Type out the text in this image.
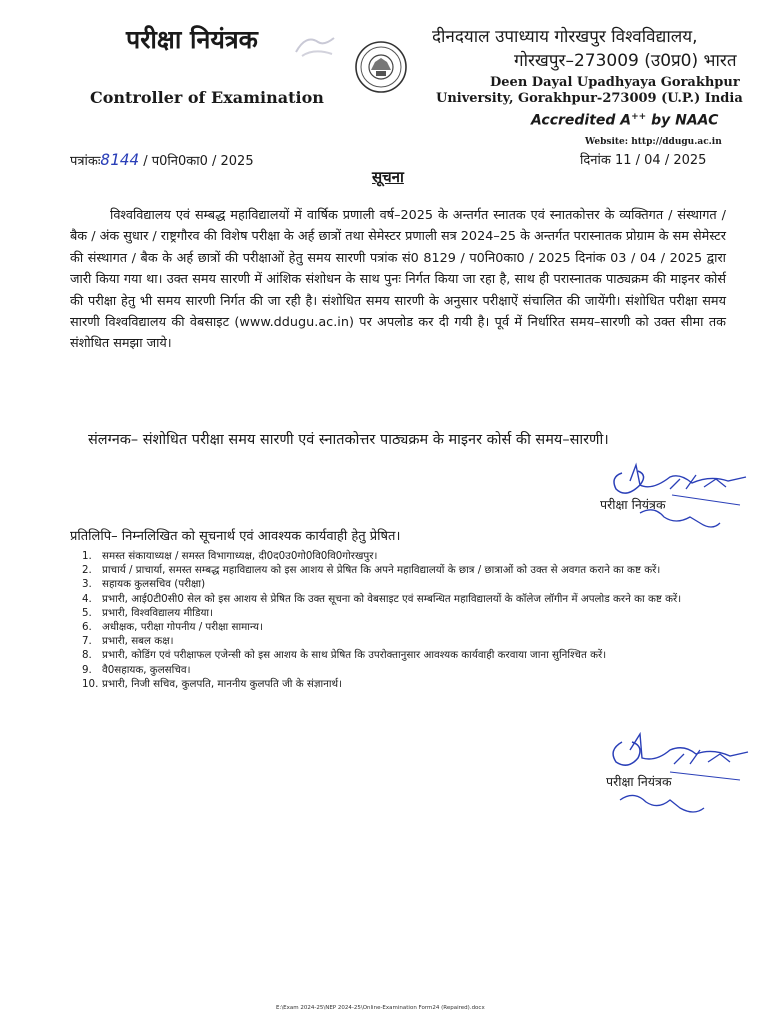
परीक्षा नियंत्रक
Controller of Examination
दीनदयाल उपाध्याय गोरखपुर विश्वविद्यालय,
गोरखपुर–273009 (उ0प्र0) भारत
Deen Dayal Upadhyaya Gorakhpur
University, Gorakhpur-273009 (U.P.) India
Accredited A++ by NAAC
Website: http://ddugu.ac.in
पत्रांकः8144 / प0नि0का0 / 2025	दिनांक 11 / 04 / 2025
सूचना
विश्वविद्यालय एवं सम्बद्ध महाविद्यालयों में वार्षिक प्रणाली वर्ष–2025 के अन्तर्गत स्नातक एवं स्नातकोत्तर के व्यक्तिगत / संस्थागत / बैक / अंक सुधार / राष्ट्रगौरव की विशेष परीक्षा के अर्ह छात्रों तथा सेमेस्टर प्रणाली सत्र 2024–25 के अन्तर्गत परास्नातक प्रोग्राम के सम सेमेस्टर की संस्थागत / बैक के अर्ह छात्रों की परीक्षाओं हेतु समय सारणी पत्रांक सं0 8129 / प0नि0का0 / 2025 दिनांक 03 / 04 / 2025 द्वारा जारी किया गया था। उक्त समय सारणी में आंशिक संशोधन के साथ पुनः निर्गत किया जा रहा है, साथ ही परास्नातक पाठ्यक्रम की माइनर कोर्स की परीक्षा हेतु भी समय सारणी निर्गत की जा रही है। संशोधित समय सारणी के अनुसार परीक्षाऐं संचालित की जायेंगी। संशोधित परीक्षा समय सारणी विश्वविद्यालय की वेबसाइट (www.ddugu.ac.in) पर अपलोड कर दी गयी है। पूर्व में निर्धारित समय–सारणी को उक्त सीमा तक संशोधित समझा जाये।
संलग्नक– संशोधित परीक्षा समय सारणी एवं स्नातकोत्तर पाठ्यक्रम के माइनर कोर्स की समय–सारणी।
परीक्षा नियंत्रक
प्रतिलिपि– निम्नलिखित को सूचनार्थ एवं आवश्यक कार्यवाही हेतु प्रेषित।
1. समस्त संकायाध्यक्ष / समस्त विभागाध्यक्ष, दी0द0उ0गो0वि0वि0गोरखपुर।
2. प्राचार्य / प्राचार्या, समस्त सम्बद्ध महाविद्यालय को इस आशय से प्रेषित कि अपने महाविद्यालयों के छात्र / छात्राओं को उक्त से अवगत कराने का कष्ट करें।
3. सहायक कुलसचिव (परीक्षा)
4. प्रभारी, आई0टी0सी0 सेल को इस आशय से प्रेषित कि उक्त सूचना को वेबसाइट एवं सम्बन्धित महाविद्यालयों के कॉलेज लॉगीन में अपलोड करने का कष्ट करें।
5. प्रभारी, विश्वविद्यालय मीडिया।
6. अधीक्षक, परीक्षा गोपनीय / परीक्षा सामान्य।
7. प्रभारी, सबल कक्ष।
8. प्रभारी, कोडिंग एवं परीक्षाफल एजेन्सी को इस आशय के साथ प्रेषित कि उपरोक्तानुसार आवश्यक कार्यवाही करवाया जाना सुनिश्चित करें।
9. वै0सहायक, कुलसचिव।
10. प्रभारी, निजी सचिव, कुलपति, माननीय कुलपति जी के संज्ञानार्थ।
परीक्षा नियंत्रक
E:\Exam 2024-25\NEP 2024-25\Online-Examination Form24 (Repaired).docx
